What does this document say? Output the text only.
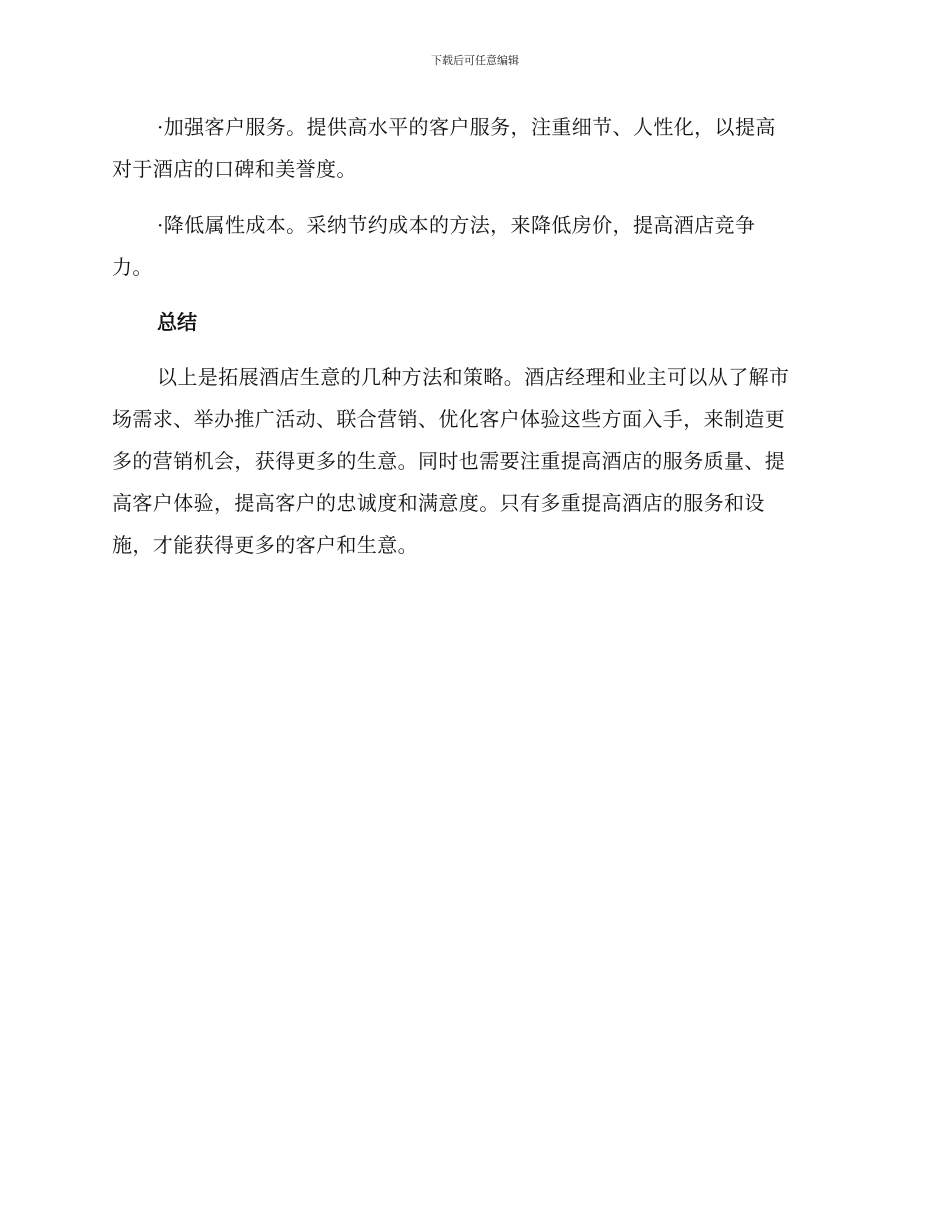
下载后可任意编辑

·加强客户服务。提供高水平的客户服务，注重细节、人性化，以提高
对于酒店的口碑和美誉度。

·降低属性成本。采纳节约成本的方法，来降低房价，提高酒店竞争
力。

总结

以上是拓展酒店生意的几种方法和策略。酒店经理和业主可以从了解市
场需求、举办推广活动、联合营销、优化客户体验这些方面入手，来制造更
多的营销机会，获得更多的生意。同时也需要注重提高酒店的服务质量、提
高客户体验，提高客户的忠诚度和满意度。只有多重提高酒店的服务和设
施，才能获得更多的客户和生意。
